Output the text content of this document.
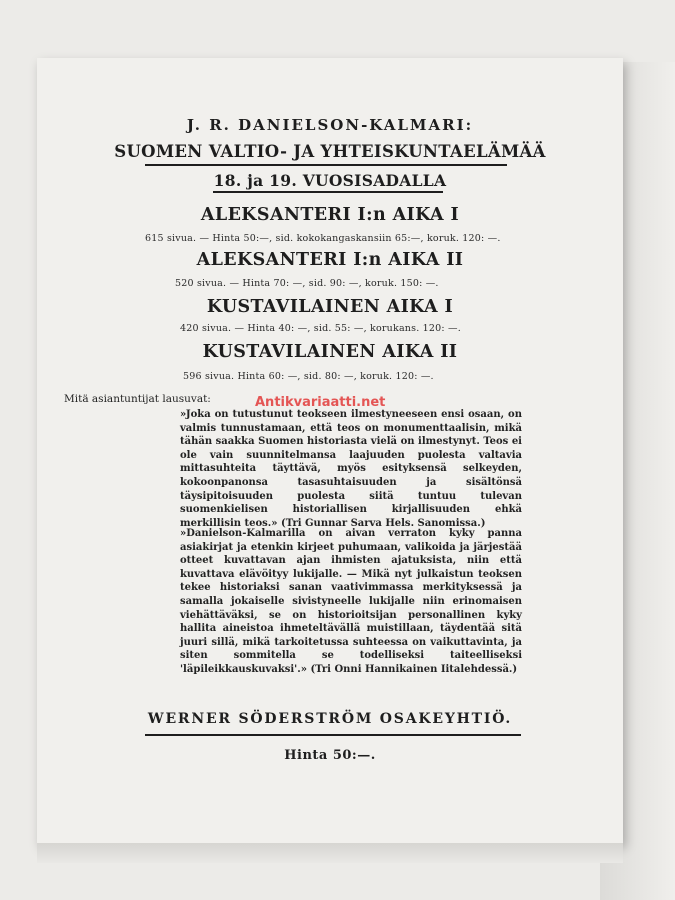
J. R. DANIELSON-KALMARI:
SUOMEN VALTIO- JA YHTEISKUNTAELÄMÄÄ
18. ja 19. VUOSISADALLA
ALEKSANTERI I:n AIKA I
615 sivua. — Hinta 50:—, sid. kokokangaskansiin 65:—, koruk. 120: —.
ALEKSANTERI I:n AIKA II
520 sivua. — Hinta 70: —, sid. 90: —, koruk. 150: —.
KUSTAVILAINEN AIKA I
420 sivua. — Hinta 40: —, sid. 55: —, korukans. 120: —.
KUSTAVILAINEN AIKA II
596 sivua. Hinta 60: —, sid. 80: —, koruk. 120: —.
Mitä asiantuntijat lausuvat:	Antikvariaatti.net
»Joka on tutustunut teokseen ilmestyneeseen ensi osaan, on valmis tunnustamaan, että teos on monumenttaalisin, mikä tähän saakka Suomen historiasta vielä on ilmestynyt. Teos ei ole vain suunnitelmansa laajuuden puolesta valtavia mittasuhteita täyttävä, myös esityksensä selkeyden, kokoonpanonsa tasasuhtaisuuden ja sisältönsä täysipitoisuuden puolesta siitä tuntuu tulevan suomenkielisen historiallisen kirjallisuuden ehkä merkillisin teos.» (Tri Gunnar Sarva Hels. Sanomissa.)
»Danielson-Kalmarilla on aivan verraton kyky panna asiakirjat ja etenkin kirjeet puhumaan, valikoida ja järjestää otteet kuvattavan ajan ihmisten ajatuksista, niin että kuvattava elävöityy lukijalle. — Mikä nyt julkaistun teoksen tekee historiaksi sanan vaativimmassa merkityksessä ja samalla jokaiselle sivistyneelle lukijalle niin erinomaisen viehättäväksi, se on historioitsijan personallinen kyky hallita aineistoa ihmeteltävällä muistillaan, täydentää sitä juuri sillä, mikä tarkoitetussa suhteessa on vaikuttavinta, ja siten sommitella se todelliseksi taiteelliseksi 'läpileikkauskuvaksi'.» (Tri Onni Hannikainen Iitalehdessä.)
WERNER SÖDERSTRÖM OSAKEYHTIÖ.
Hinta 50:—.
